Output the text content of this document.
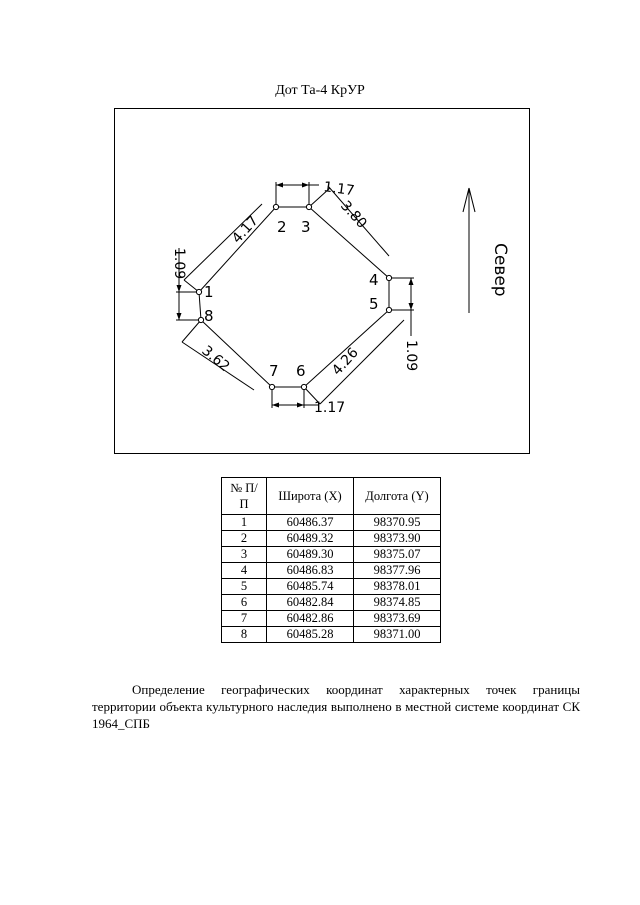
Дот Та-4 КрУР
1
2 3
4
5
6
7
8
1.17
3.80
1.09
4.26
1.17
3.62
1.09
4.17
Север
№ П/П	Широта (X)	Долгота (Y)
1	60486.37	98370.95
2	60489.32	98373.90
3	60489.30	98375.07
4	60486.83	98377.96
5	60485.74	98378.01
6	60482.84	98374.85
7	60482.86	98373.69
8	60485.28	98371.00

Определение географических координат характерных точек границы территории объекта культурного наследия выполнено в местной системе координат СК 1964_СПБ
